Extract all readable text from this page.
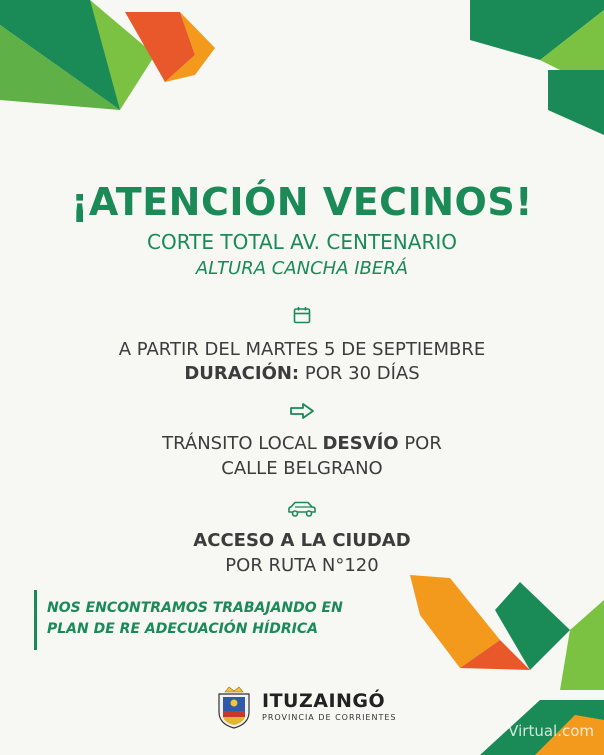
¡ATENCIÓN VECINOS!
CORTE TOTAL AV. CENTENARIO
ALTURA CANCHA IBERÁ
A PARTIR DEL MARTES 5 DE SEPTIEMBRE
DURACIÓN: POR 30 DÍAS
TRÁNSITO LOCAL DESVÍO POR
CALLE BELGRANO
ACCESO A LA CIUDAD
POR RUTA N°120
NOS ENCONTRAMOS TRABAJANDO EN
PLAN DE RE ADECUACIÓN HÍDRICA
ITUZAINGÓ
PROVINCIA DE CORRIENTES
Virtual.com
